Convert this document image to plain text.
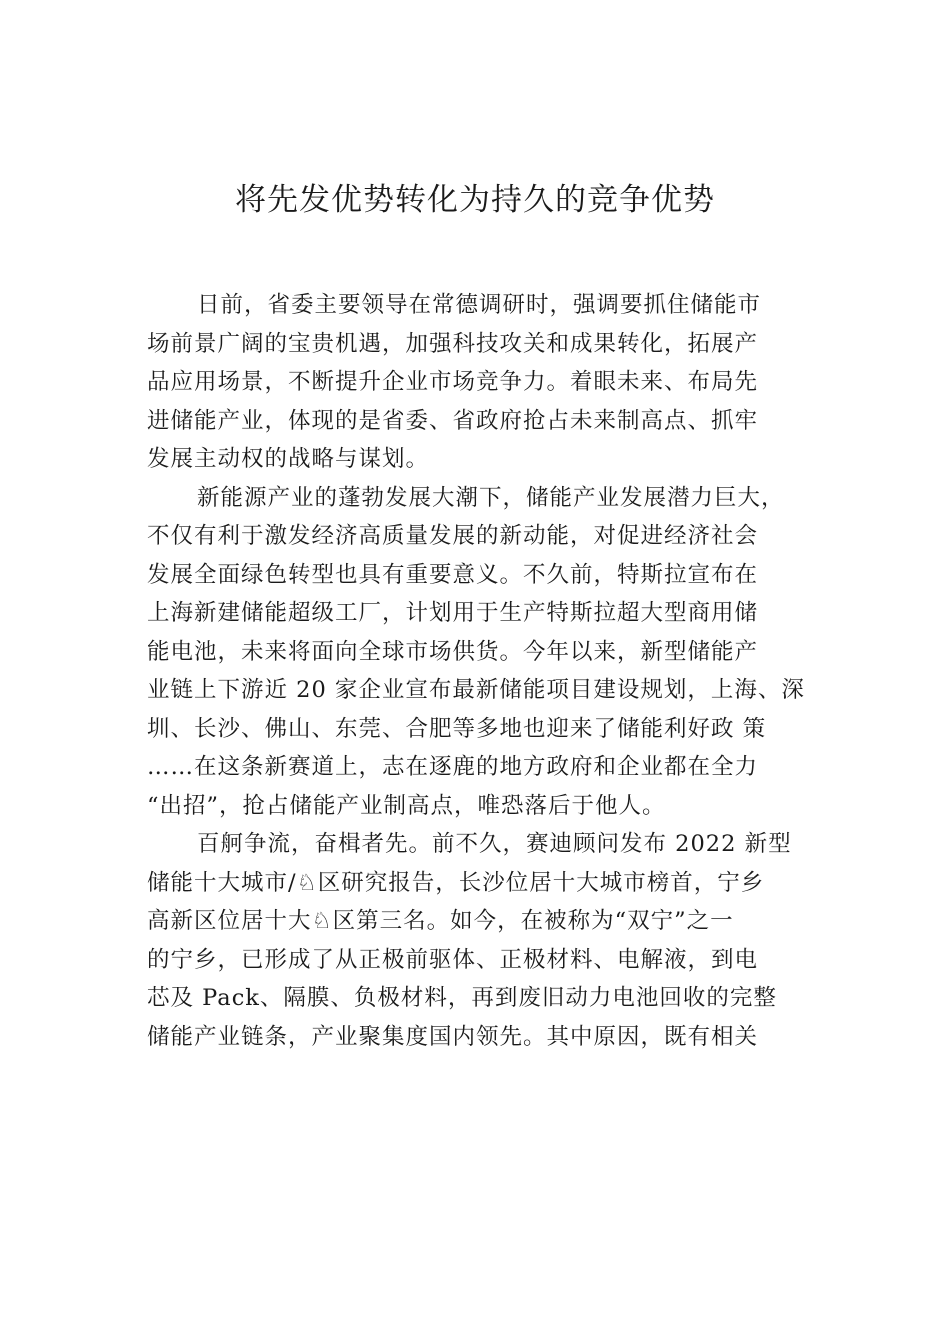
将先发优势转化为持久的竞争优势
日前，省委主要领导在常德调研时，强调要抓住储能市
场前景广阔的宝贵机遇，加强科技攻关和成果转化，拓展产
品应用场景，不断提升企业市场竞争力。着眼未来、布局先
进储能产业，体现的是省委、省政府抢占未来制高点、抓牢
发展主动权的战略与谋划。
新能源产业的蓬勃发展大潮下，储能产业发展潜力巨大，
不仅有利于激发经济高质量发展的新动能，对促进经济社会
发展全面绿色转型也具有重要意义。不久前，特斯拉宣布在
上海新建储能超级工厂，计划用于生产特斯拉超大型商用储
能电池，未来将面向全球市场供货。今年以来，新型储能产
业链上下游近 20 家企业宣布最新储能项目建设规划，上海、深
圳、长沙、佛山、东莞、合肥等多地也迎来了储能利好政 策
……在这条新赛道上，志在逐鹿的地方政府和企业都在全力
“出招”，抢占储能产业制高点，唯恐落后于他人。
百舸争流，奋楫者先。前不久，赛迪顾问发布 2022 新型
储能十大城市/♘区研究报告，长沙位居十大城市榜首，宁乡
高新区位居十大♘区第三名。如今，在被称为“双宁”之一
的宁乡，已形成了从正极前驱体、正极材料、电解液，到电
芯及 Pack、隔膜、负极材料，再到废旧动力电池回收的完整
储能产业链条，产业聚集度国内领先。其中原因，既有相关
